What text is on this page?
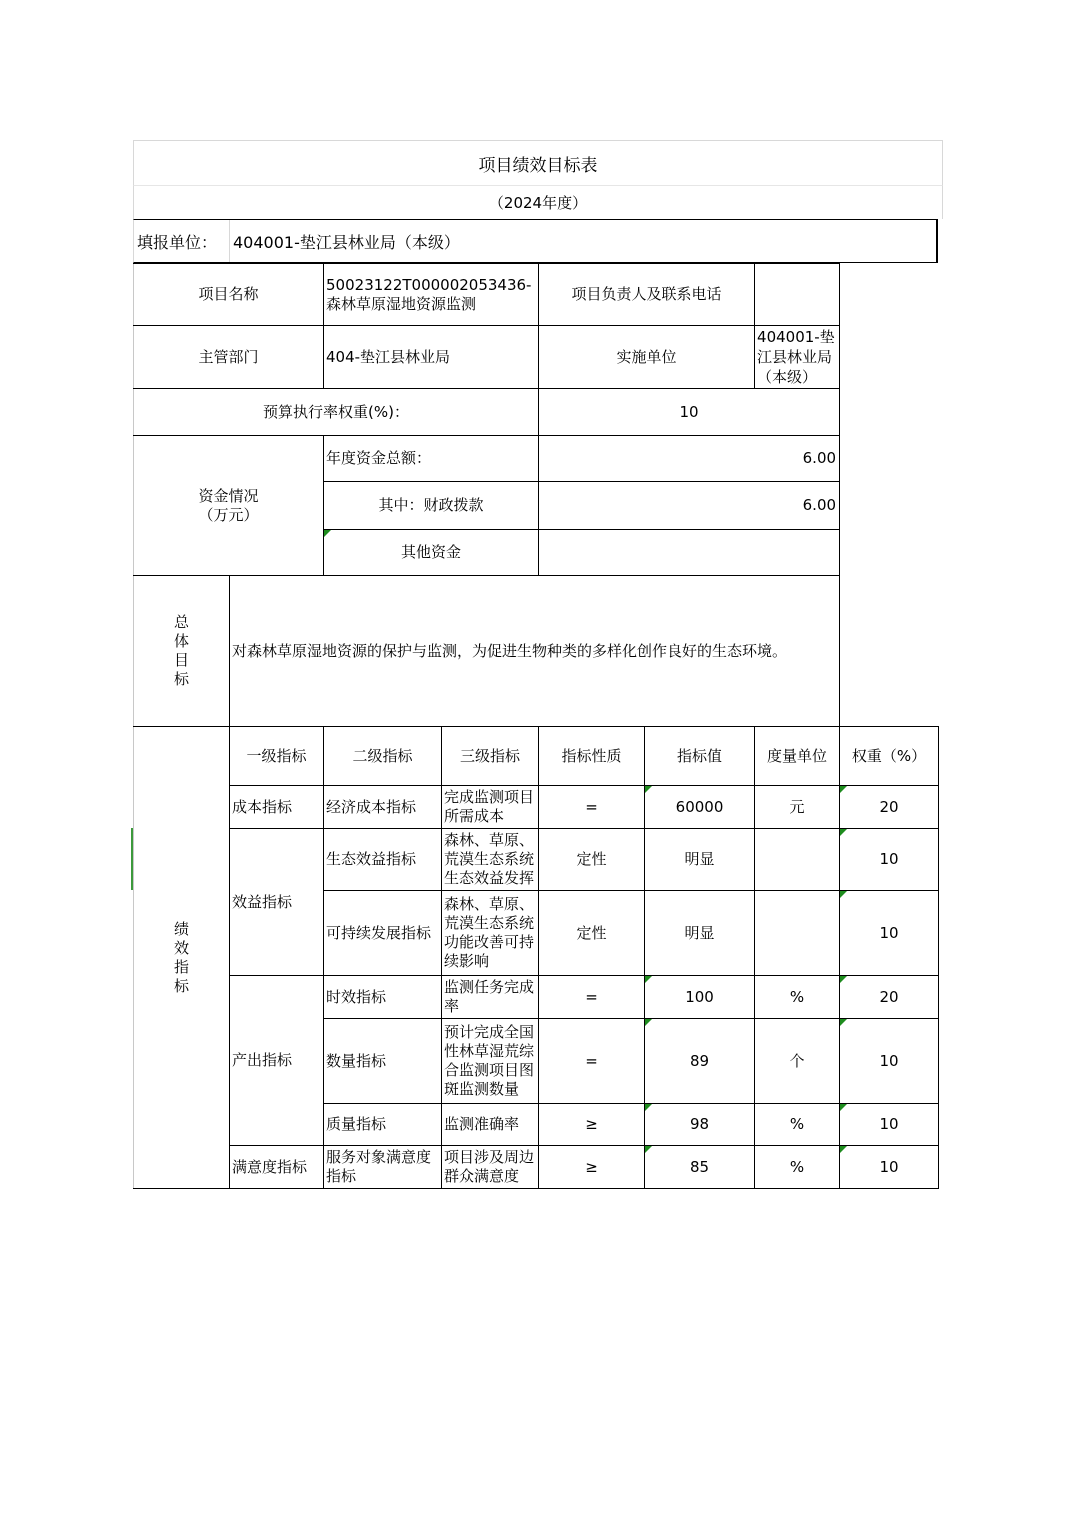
项目绩效目标表
（2024年度）
填报单位： 404001-垫江县林业局（本级）
项目名称		50023122T000002053436-森林草原湿地资源监测		项目负责人及联系电话			
主管部门		404-垫江县林业局		实施单位		404001-垫江县林业局（本级）	
预算执行率权重(%)：				10			

资金情况
（万元）		年度资金总额：		6.00			
		其中：财政拨款		6.00			
		其他资金					

总体目标	对森林草原湿地资源的保护与监测，为促进生物种类的多样化创作良好的生态环境。						

绩效指标	一级指标	二级指标	三级指标	指标性质	指标值	度量单位	权重（%）
	成本指标	经济成本指标	完成监测项目所需成本	=	60000	元	20
	效益指标	生态效益指标	森林、草原、荒漠生态系统生态效益发挥	定性	明显		10
		可持续发展指标	森林、草原、荒漠生态系统功能改善可持续影响	定性	明显		10
	产出指标	时效指标	监测任务完成率	=	100	%	20
		数量指标	预计完成全国性林草湿荒综合监测项目图斑监测数量	=	89	个	10
		质量指标	监测准确率	≥	98	%	10
	满意度指标	服务对象满意度指标	项目涉及周边群众满意度	≥	85	%	10
